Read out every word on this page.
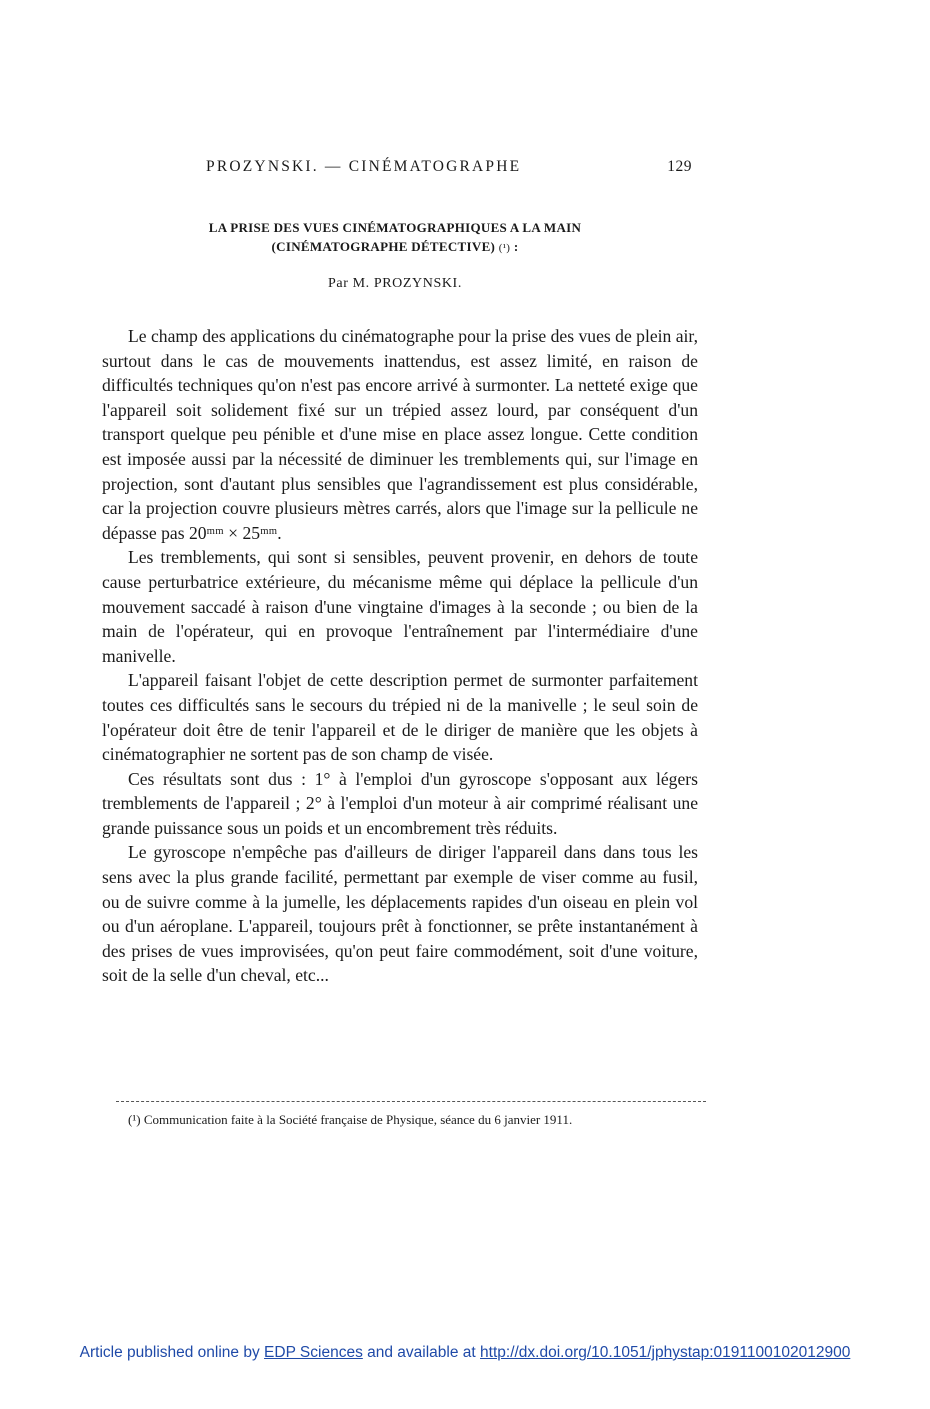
PROZYNSKI. — CINÉMATOGRAPHE	129
LA PRISE DES VUES CINÉMATOGRAPHIQUES A LA MAIN
(CINÉMATOGRAPHE DÉTECTIVE) (¹) :
Par M. PROZYNSKI.

Le champ des applications du cinématographe pour la prise des vues de plein air, surtout dans le cas de mouvements inattendus, est assez limité, en raison de difficultés techniques qu'on n'est pas encore arrivé à surmonter. La netteté exige que l'appareil soit solidement fixé sur un trépied assez lourd, par conséquent d'un transport quelque peu pénible et d'une mise en place assez longue. Cette condition est imposée aussi par la nécessité de diminuer les tremblements qui, sur l'image en projection, sont d'autant plus sensibles que l'agrandissement est plus considérable, car la projection couvre plusieurs mètres carrés, alors que l'image sur la pellicule ne dépasse pas 20ᵐᵐ × 25ᵐᵐ.

Les tremblements, qui sont si sensibles, peuvent provenir, en dehors de toute cause perturbatrice extérieure, du mécanisme même qui déplace la pellicule d'un mouvement saccadé à raison d'une vingtaine d'images à la seconde ; ou bien de la main de l'opérateur, qui en provoque l'entraînement par l'intermédiaire d'une manivelle.

L'appareil faisant l'objet de cette description permet de surmonter parfaitement toutes ces difficultés sans le secours du trépied ni de la manivelle ; le seul soin de l'opérateur doit être de tenir l'appareil et de le diriger de manière que les objets à cinématographier ne sortent pas de son champ de visée.

Ces résultats sont dus : 1° à l'emploi d'un gyroscope s'opposant aux légers tremblements de l'appareil ; 2° à l'emploi d'un moteur à air comprimé réalisant une grande puissance sous un poids et un encombrement très réduits.

Le gyroscope n'empêche pas d'ailleurs de diriger l'appareil dans dans tous les sens avec la plus grande facilité, permettant par exemple de viser comme au fusil, ou de suivre comme à la jumelle, les déplacements rapides d'un oiseau en plein vol ou d'un aéroplane. L'appareil, toujours prêt à fonctionner, se prête instantanément à des prises de vues improvisées, qu'on peut faire commodément, soit d'une voiture, soit de la selle d'un cheval, etc...

(¹) Communication faite à la Société française de Physique, séance du 6 janvier 1911.
Article published online by EDP Sciences and available at http://dx.doi.org/10.1051/jphystap:0191100102012900
